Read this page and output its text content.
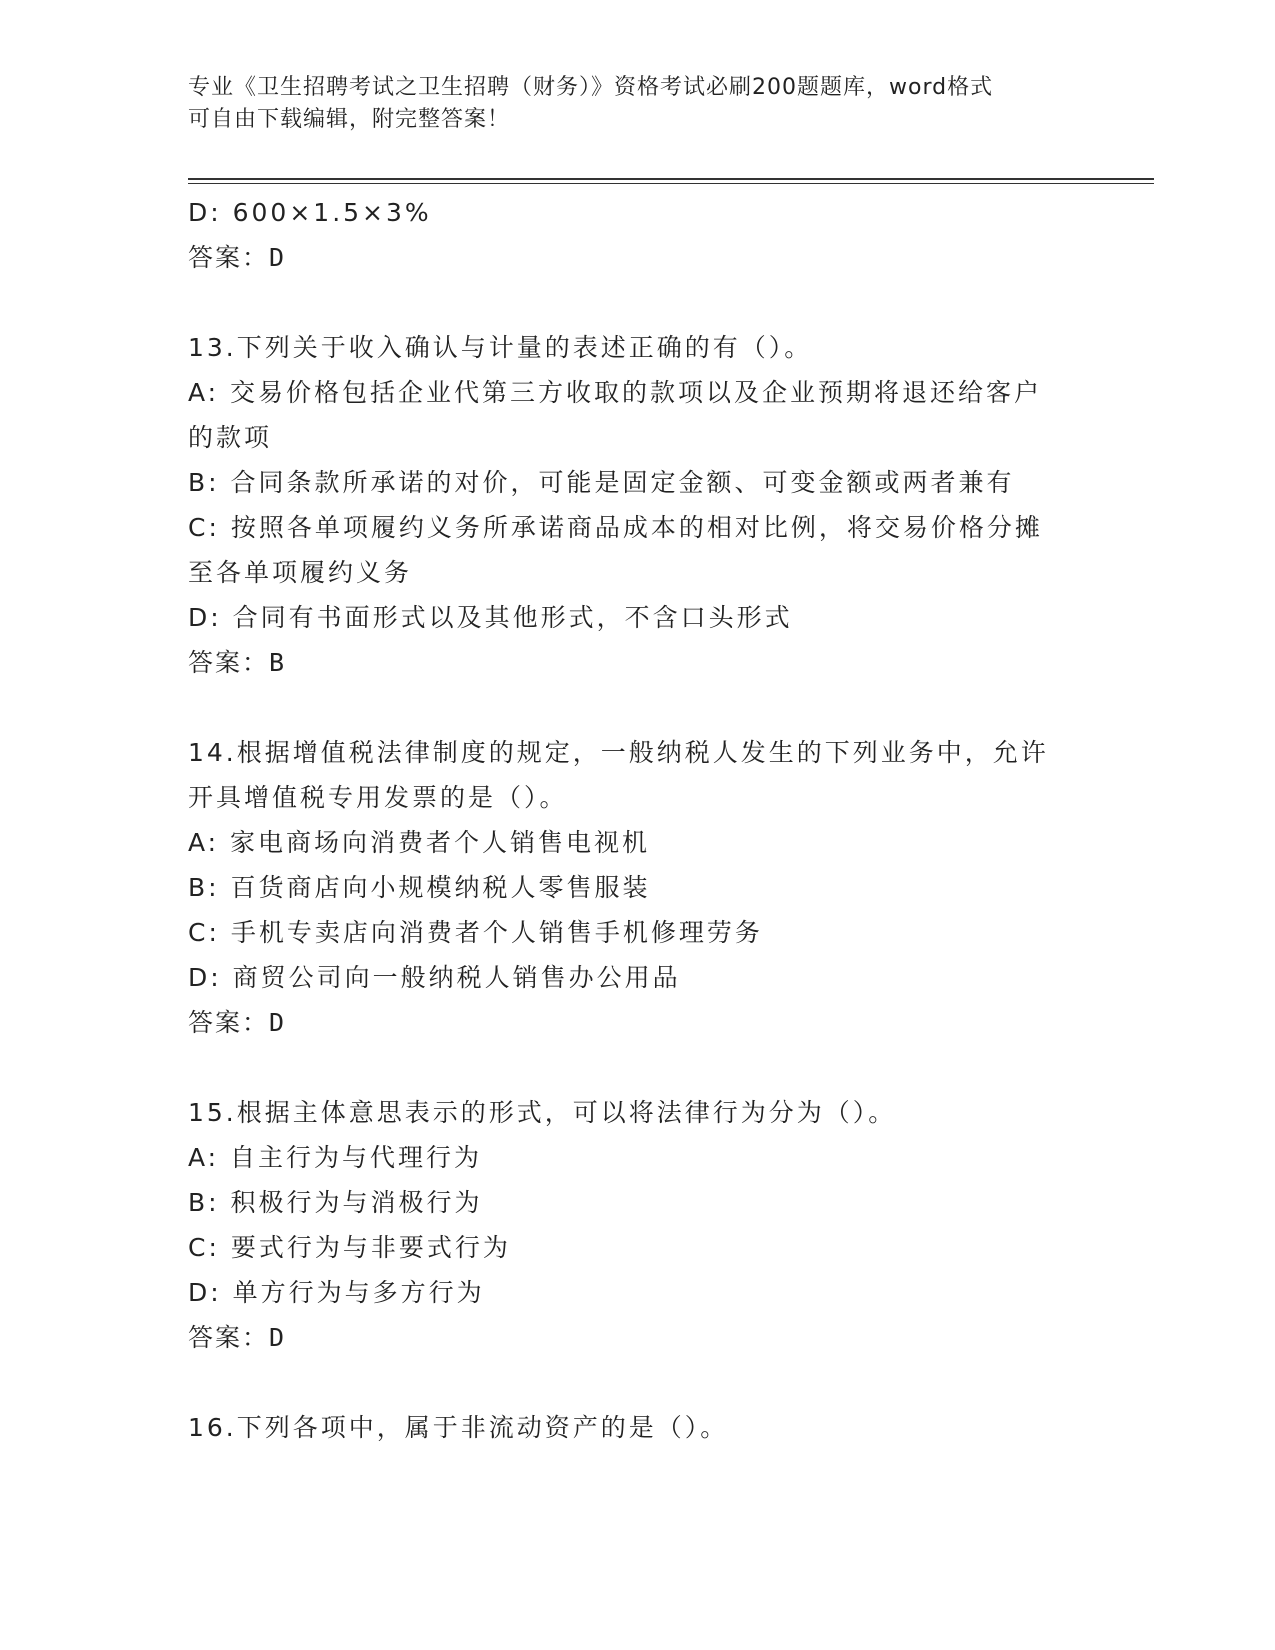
专业《卫生招聘考试之卫生招聘（财务）》资格考试必刷200题题库，word格式
可自由下载编辑，附完整答案！

D: 600×1.5×3%

答案：D

13.下列关于收入确认与计量的表述正确的有（）。

A: 交易价格包括企业代第三方收取的款项以及企业预期将退还给客户

的款项

B: 合同条款所承诺的对价，可能是固定金额、可变金额或两者兼有

C: 按照各单项履约义务所承诺商品成本的相对比例，将交易价格分摊

至各单项履约义务

D: 合同有书面形式以及其他形式，不含口头形式

答案：B

14.根据增值税法律制度的规定，一般纳税人发生的下列业务中，允许

开具增值税专用发票的是（）。

A: 家电商场向消费者个人销售电视机

B: 百货商店向小规模纳税人零售服装

C: 手机专卖店向消费者个人销售手机修理劳务

D: 商贸公司向一般纳税人销售办公用品

答案：D

15.根据主体意思表示的形式，可以将法律行为分为（）。

A: 自主行为与代理行为

B: 积极行为与消极行为

C: 要式行为与非要式行为

D: 单方行为与多方行为

答案：D

16.下列各项中，属于非流动资产的是（）。
